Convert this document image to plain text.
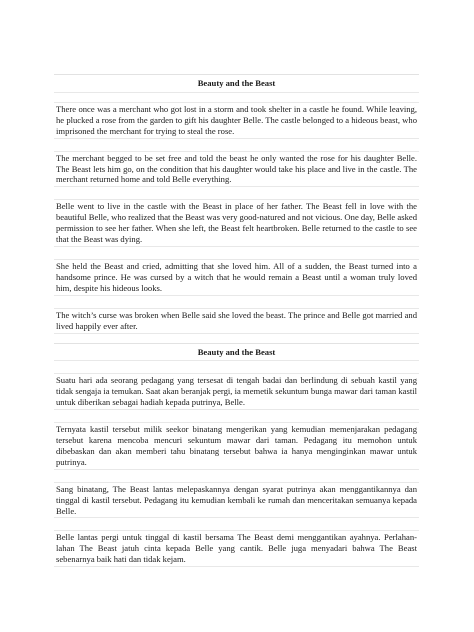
Beauty and the Beast
There once was a merchant who got lost in a storm and took shelter in a castle he found. While leaving, he plucked a rose from the garden to gift his daughter Belle. The castle belonged to a hideous beast, who imprisoned the merchant for trying to steal the rose.
The merchant begged to be set free and told the beast he only wanted the rose for his daughter Belle. The Beast lets him go, on the condition that his daughter would take his place and live in the castle. The merchant returned home and told Belle everything.
Belle went to live in the castle with the Beast in place of her father. The Beast fell in love with the beautiful Belle, who realized that the Beast was very good-natured and not vicious. One day, Belle asked permission to see her father. When she left, the Beast felt heartbroken. Belle returned to the castle to see that the Beast was dying.
She held the Beast and cried, admitting that she loved him. All of a sudden, the Beast turned into a handsome prince. He was cursed by a witch that he would remain a Beast until a woman truly loved him, despite his hideous looks.
The witch’s curse was broken when Belle said she loved the beast. The prince and Belle got married and lived happily ever after.
Beauty and the Beast
Suatu hari ada seorang pedagang yang tersesat di tengah badai dan berlindung di sebuah kastil yang tidak sengaja ia temukan. Saat akan beranjak pergi, ia memetik sekuntum bunga mawar dari taman kastil untuk diberikan sebagai hadiah kepada putrinya, Belle.
Ternyata kastil tersebut milik seekor binatang mengerikan yang kemudian memenjarakan pedagang tersebut karena mencoba mencuri sekuntum mawar dari taman. Pedagang itu memohon untuk dibebaskan dan akan memberi tahu binatang tersebut bahwa ia hanya menginginkan mawar untuk putrinya.
Sang binatang, The Beast lantas melepaskannya dengan syarat putrinya akan menggantikannya dan tinggal di kastil tersebut. Pedagang itu kemudian kembali ke rumah dan menceritakan semuanya kepada Belle.
Belle lantas pergi untuk tinggal di kastil bersama The Beast demi menggantikan ayahnya. Perlahan-lahan The Beast jatuh cinta kepada Belle yang cantik. Belle juga menyadari bahwa The Beast sebenarnya baik hati dan tidak kejam.
